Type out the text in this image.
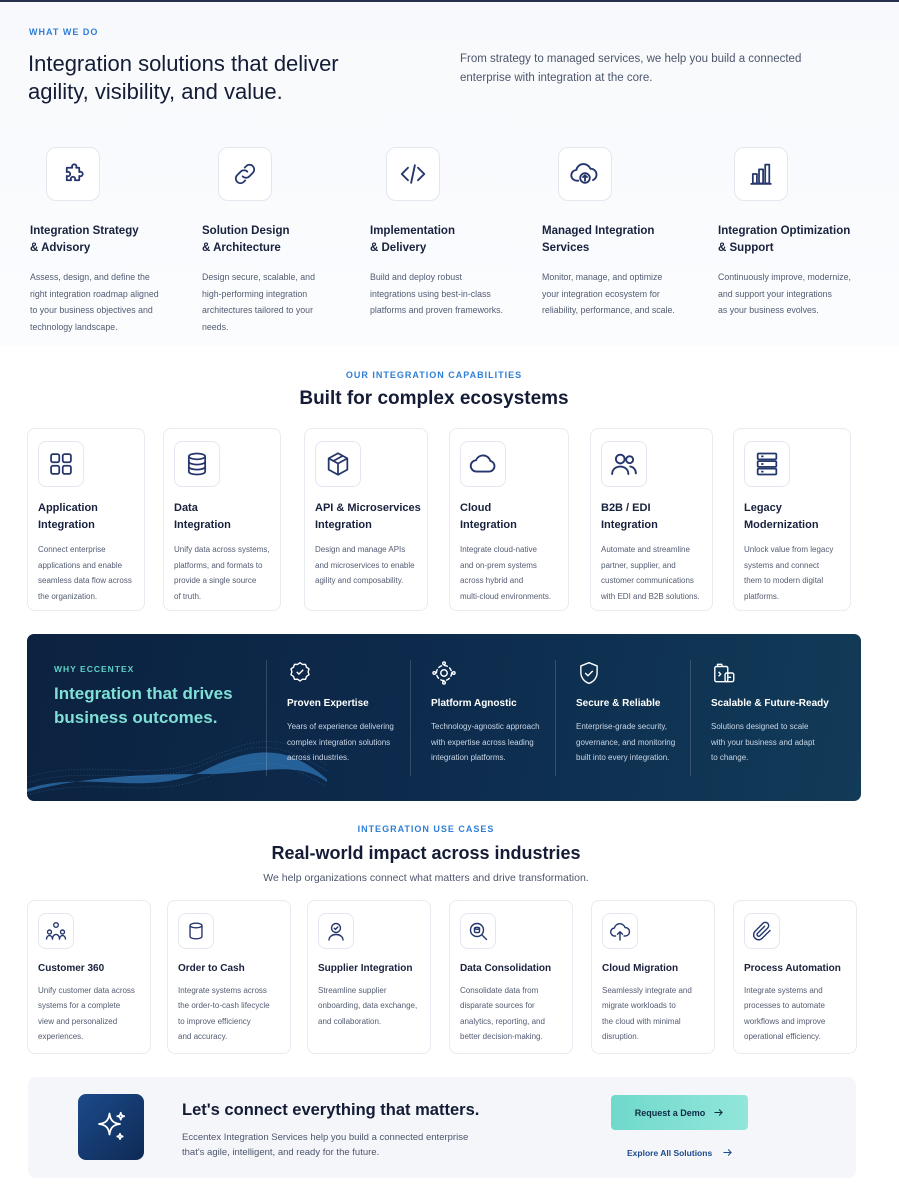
WHAT WE DO
Integration solutions that deliver
agility, visibility, and value.

From strategy to managed services, we help you build a connected
enterprise with integration at the core.

Integration Strategy
& Advisory
Assess, design, and define the
right integration roadmap aligned
to your business objectives and
technology landscape.
Solution Design
& Architecture
Design secure, scalable, and
high-performing integration
architectures tailored to your
needs.
Implementation
& Delivery
Build and deploy robust
integrations using best-in-class
platforms and proven frameworks.
Managed Integration
Services
Monitor, manage, and optimize
your integration ecosystem for
reliability, performance, and scale.
Integration Optimization
& Support
Continuously improve, modernize,
and support your integrations
as your business evolves.
OUR INTEGRATION CAPABILITIES
Built for complex ecosystems
Application
Integration
Connect enterprise
applications and enable
seamless data flow across
the organization.
Data
Integration
Unify data across systems,
platforms, and formats to
provide a single source
of truth.
API & Microservices
Integration
Design and manage APIs
and microservices to enable
agility and composability.
Cloud
Integration
Integrate cloud-native
and on-prem systems
across hybrid and
multi-cloud environments.
B2B / EDI
Integration
Automate and streamline
partner, supplier, and
customer communications
with EDI and B2B solutions.
Legacy
Modernization
Unlock value from legacy
systems and connect
them to modern digital
platforms.
WHY ECCENTEX
Integration that drives
business outcomes.
Proven Expertise
Years of experience delivering
complex integration solutions
across industries.
Platform Agnostic
Technology-agnostic approach
with expertise across leading
integration platforms.
Secure & Reliable
Enterprise-grade security,
governance, and monitoring
built into every integration.
Scalable & Future-Ready
Solutions designed to scale
with your business and adapt
to change.
INTEGRATION USE CASES
Real-world impact across industries

We help organizations connect what matters and drive transformation.

Customer 360
Unify customer data across
systems for a complete
view and personalized
experiences.
Order to Cash
Integrate systems across
the order-to-cash lifecycle
to improve efficiency
and accuracy.
Supplier Integration
Streamline supplier
onboarding, data exchange,
and collaboration.
Data Consolidation
Consolidate data from
disparate sources for
analytics, reporting, and
better decision-making.
Cloud Migration
Seamlessly integrate and
migrate workloads to
the cloud with minimal
disruption.
Process Automation
Integrate systems and
processes to automate
workflows and improve
operational efficiency.
Let's connect everything that matters.

Eccentex Integration Services help you build a connected enterprise
that's agile, intelligent, and ready for the future.

Request a Demo
Explore All Solutions
